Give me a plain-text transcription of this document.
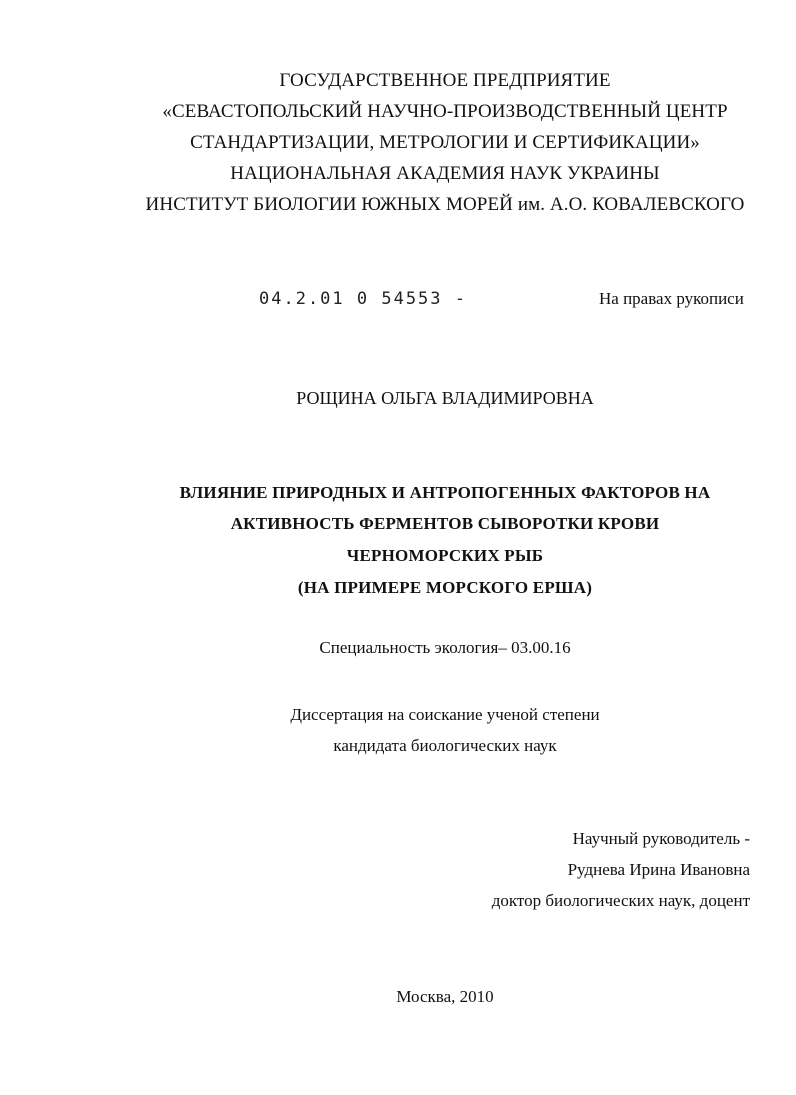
ГОСУДАРСТВЕННОЕ ПРЕДПРИЯТИЕ
«СЕВАСТОПОЛЬСКИЙ НАУЧНО-ПРОИЗВОДСТВЕННЫЙ ЦЕНТР
СТАНДАРТИЗАЦИИ, МЕТРОЛОГИИ И СЕРТИФИКАЦИИ»
НАЦИОНАЛЬНАЯ АКАДЕМИЯ НАУК УКРАИНЫ
ИНСТИТУТ БИОЛОГИИ ЮЖНЫХ МОРЕЙ им. А.О. КОВАЛЕВСКОГО
04.2.01 0 54553 -	На правах рукописи
РОЩИНА ОЛЬГА ВЛАДИМИРОВНА
ВЛИЯНИЕ ПРИРОДНЫХ И АНТРОПОГЕННЫХ ФАКТОРОВ НА
АКТИВНОСТЬ ФЕРМЕНТОВ СЫВОРОТКИ КРОВИ
ЧЕРНОМОРСКИХ РЫБ
(НА ПРИМЕРЕ МОРСКОГО ЕРША)
Специальность экология– 03.00.16
Диссертация на соискание ученой степени
кандидата биологических наук
Научный руководитель -
Руднева Ирина Ивановна
доктор биологических наук, доцент
Москва, 2010
